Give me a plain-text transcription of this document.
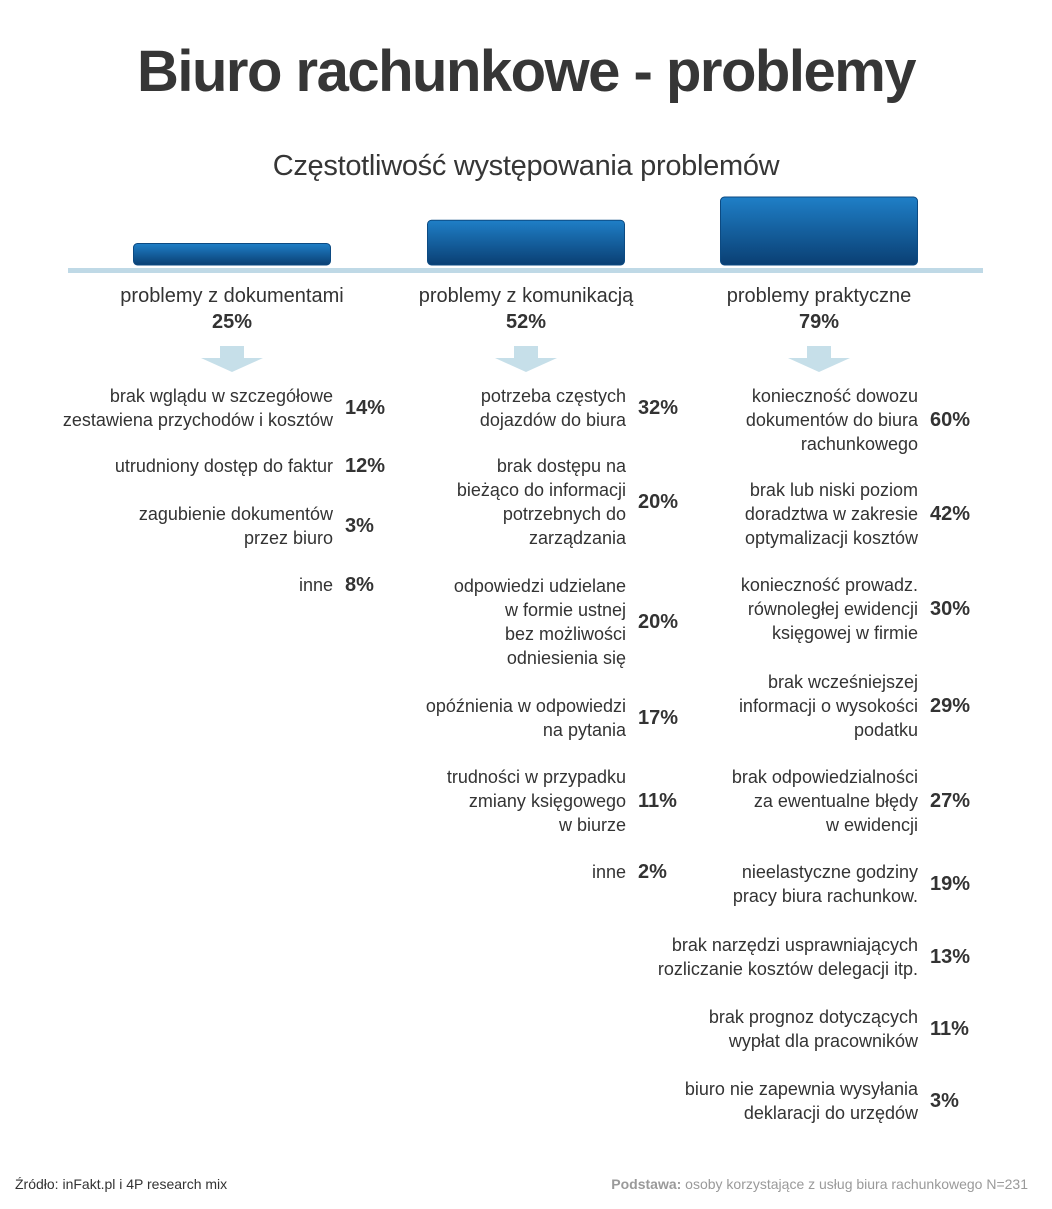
Biuro rachunkowe - problemy
Częstotliwość występowania problemów
problemy z dokumentami
25%
problemy z komunikacją
52%
problemy praktyczne
79%
brak wglądu w szczegółowe
zestawiena przychodów i kosztów
14%
utrudniony dostęp do faktur 12%
zagubienie dokumentów
przez biuro
3%
inne 8%
potrzeba częstych
dojazdów do biura
32%
brak dostępu na
bieżąco do informacji
potrzebnych do
zarządzania
20%
odpowiedzi udzielane
w formie ustnej
bez możliwości
odniesienia się
20%
opóźnienia w odpowiedzi
na pytania
17%
trudności w przypadku
zmiany księgowego
w biurze
11%
inne 2%
konieczność dowozu
dokumentów do biura
rachunkowego
60%
brak lub niski poziom
doradztwa w zakresie
optymalizacji kosztów
42%
konieczność prowadz.
równoległej ewidencji
księgowej w firmie
30%
brak wcześniejszej
informacji o wysokości
podatku
29%
brak odpowiedzialności
za ewentualne błędy
w ewidencji
27%
nieelastyczne godziny
pracy biura rachunkow.
19%
brak narzędzi usprawniających
rozliczanie kosztów delegacji itp.
13%
brak prognoz dotyczących
wypłat dla pracowników
11%
biuro nie zapewnia wysyłania
deklaracji do urzędów
3%
Źródło: inFakt.pl i 4P research mix	Podstawa: osoby korzystające z usług biura rachunkowego N=231
